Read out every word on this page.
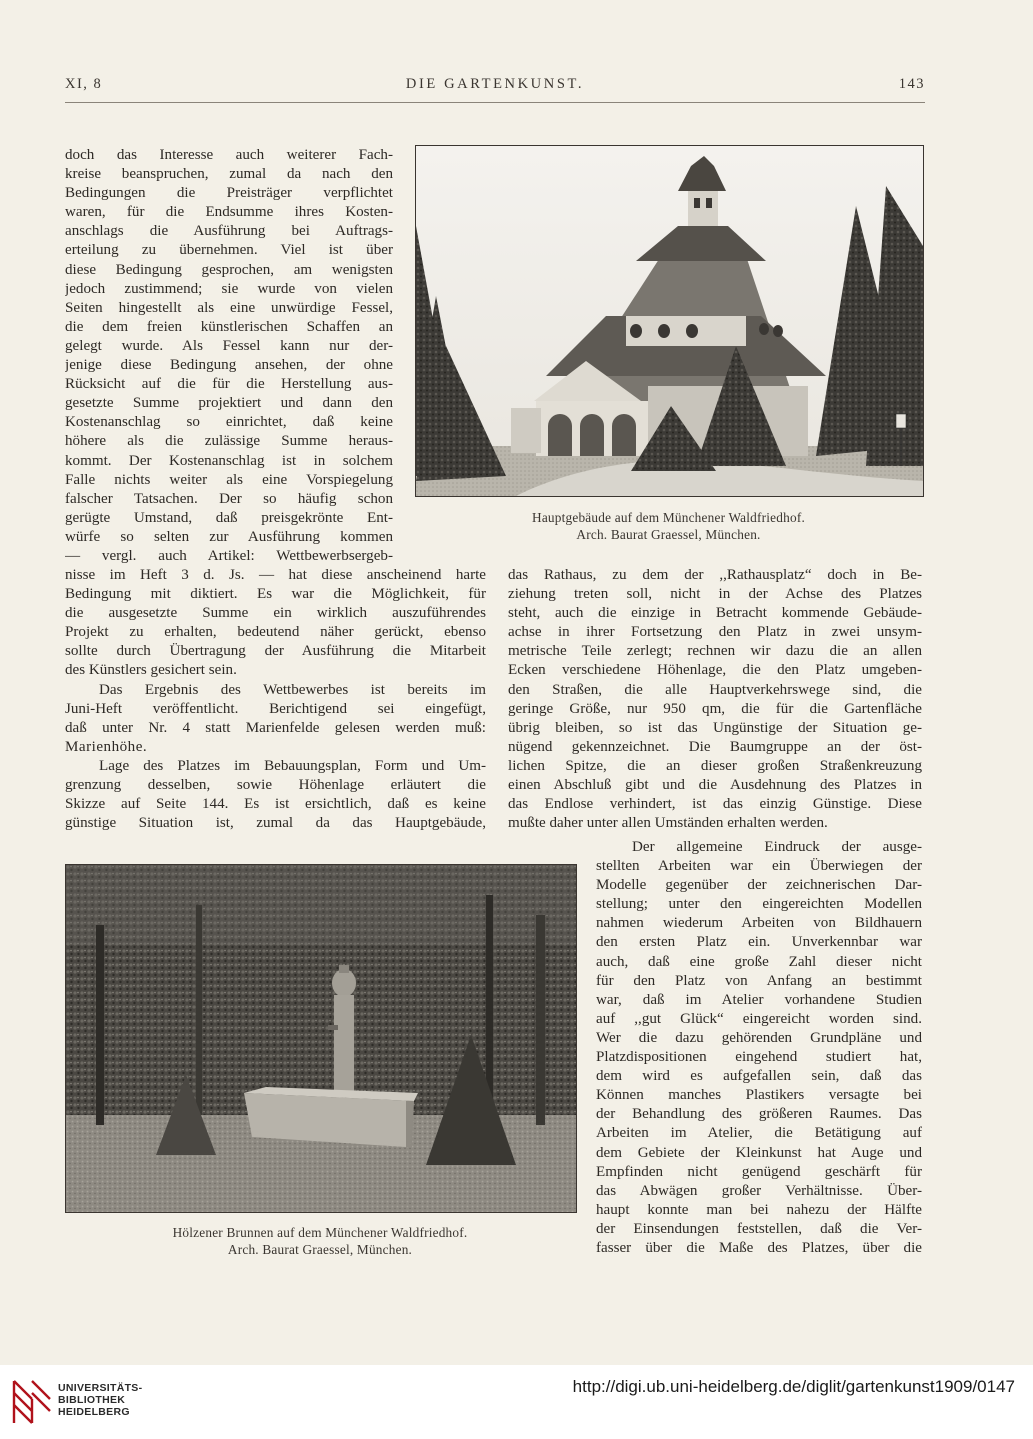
XI, 8	DIE GARTENKUNST.	143
doch das Interesse auch weiterer Fach-
kreise beanspruchen, zumal da nach den
Bedingungen die Preisträger verpflichtet
waren, für die Endsumme ihres Kosten-
anschlags die Ausführung bei Auftrags-
erteilung zu übernehmen. Viel ist über
diese Bedingung gesprochen, am wenigsten
jedoch zustimmend; sie wurde von vielen
Seiten hingestellt als eine unwürdige Fessel,
die dem freien künstlerischen Schaffen an
gelegt wurde. Als Fessel kann nur der-
jenige diese Bedingung ansehen, der ohne
Rücksicht auf die für die Herstellung aus-
gesetzte Summe projektiert und dann den
Kostenanschlag so einrichtet, daß keine
höhere als die zulässige Summe heraus-
kommt. Der Kostenanschlag ist in solchem
Falle nichts weiter als eine Vorspiegelung
falscher Tatsachen. Der so häufig schon
gerügte Umstand, daß preisgekrönte Ent-
würfe so selten zur Ausführung kommen
— vergl. auch Artikel: Wettbewerbsergeb-
Hauptgebäude auf dem Münchener Waldfriedhof.
Arch. Baurat Graessel, München.
nisse im Heft 3 d. Js. — hat diese anscheinend harte
Bedingung mit diktiert. Es war die Möglichkeit, für
die ausgesetzte Summe ein wirklich auszuführendes
Projekt zu erhalten, bedeutend näher gerückt, ebenso
sollte durch Übertragung der Ausführung die Mitarbeit
des Künstlers gesichert sein.
Das Ergebnis des Wettbewerbes ist bereits im
Juni-Heft veröffentlicht. Berichtigend sei eingefügt,
daß unter Nr. 4 statt Marienfelde gelesen werden muß:
Marienhöhe.
Lage des Platzes im Bebauungsplan, Form und Um-
grenzung desselben, sowie Höhenlage erläutert die
Skizze auf Seite 144. Es ist ersichtlich, daß es keine
günstige Situation ist, zumal da das Hauptgebäude,
das Rathaus, zu dem der ,,Rathausplatz“ doch in Be-
ziehung treten soll, nicht in der Achse des Platzes
steht, auch die einzige in Betracht kommende Gebäude-
achse in ihrer Fortsetzung den Platz in zwei unsym-
metrische Teile zerlegt; rechnen wir dazu die an allen
Ecken verschiedene Höhenlage, die den Platz umgeben-
den Straßen, die alle Hauptverkehrswege sind, die
geringe Größe, nur 950 qm, die für die Gartenfläche
übrig bleiben, so ist das Ungünstige der Situation ge-
nügend gekennzeichnet. Die Baumgruppe an der öst-
lichen Spitze, die an dieser großen Straßenkreuzung
einen Abschluß gibt und die Ausdehnung des Platzes in
das Endlose verhindert, ist das einzig Günstige. Diese
mußte daher unter allen Umständen erhalten werden.
Hölzener Brunnen auf dem Münchener Waldfriedhof.
Arch. Baurat Graessel, München.
Der allgemeine Eindruck der ausge-
stellten Arbeiten war ein Überwiegen der
Modelle gegenüber der zeichnerischen Dar-
stellung; unter den eingereichten Modellen
nahmen wiederum Arbeiten von Bildhauern
den ersten Platz ein. Unverkennbar war
auch, daß eine große Zahl dieser nicht
für den Platz von Anfang an bestimmt
war, daß im Atelier vorhandene Studien
auf ,,gut Glück“ eingereicht worden sind.
Wer die dazu gehörenden Grundpläne und
Platzdispositionen eingehend studiert hat,
dem wird es aufgefallen sein, daß das
Können manches Plastikers versagte bei
der Behandlung des größeren Raumes. Das
Arbeiten im Atelier, die Betätigung auf
dem Gebiete der Kleinkunst hat Auge und
Empfinden nicht genügend geschärft für
das Abwägen großer Verhältnisse. Über-
haupt konnte man bei nahezu der Hälfte
der Einsendungen feststellen, daß die Ver-
fasser über die Maße des Platzes, über die
UNIVERSITÄTS-
BIBLIOTHEK
HEIDELBERG
http://digi.ub.uni-heidelberg.de/diglit/gartenkunst1909/0147
